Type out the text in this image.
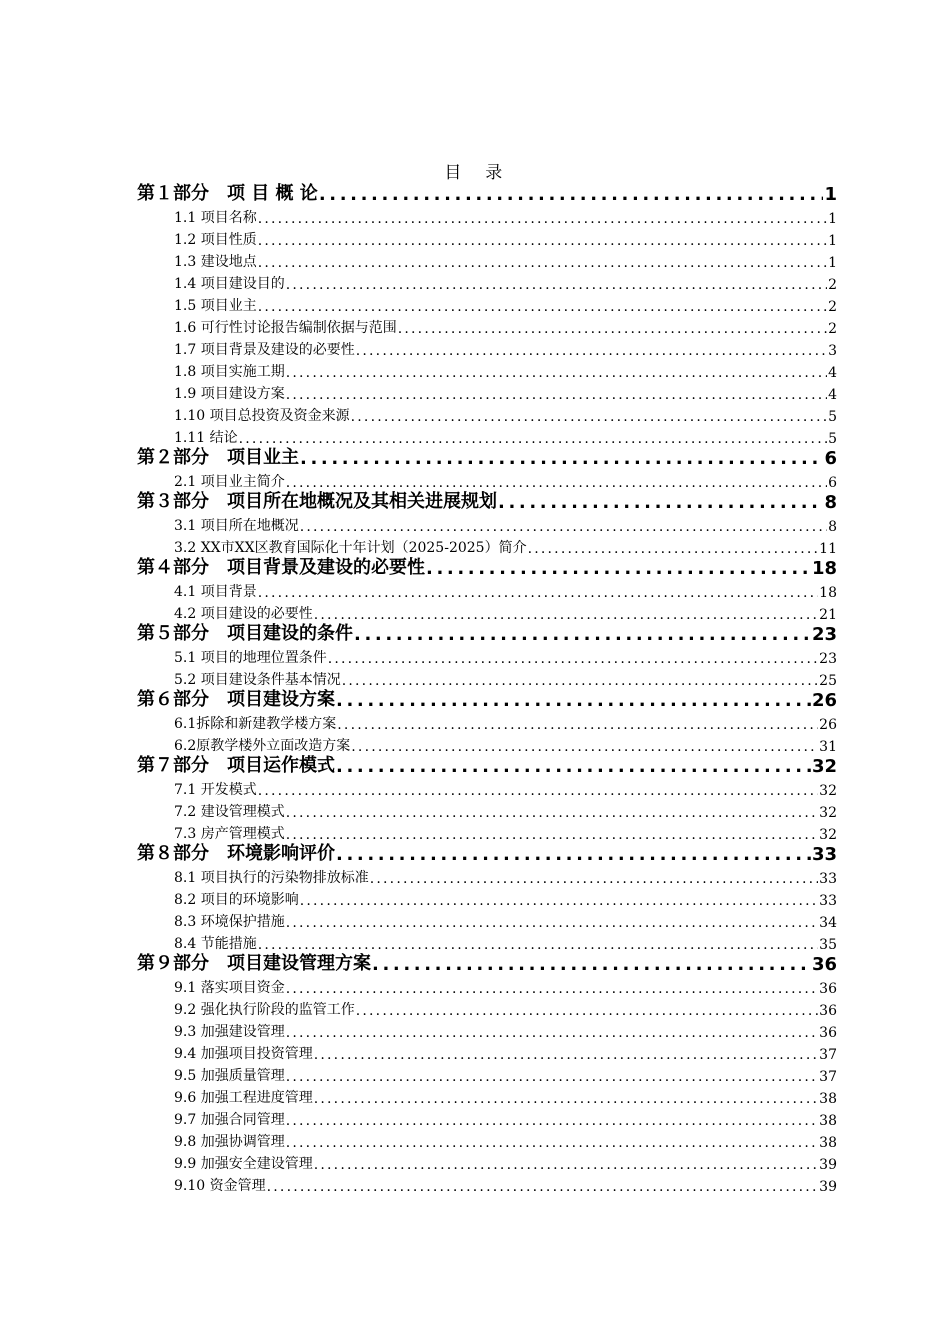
目　录
第１部分　项 目 概 论 .....	1
1.1 项目名称 .....	1
1.2 项目性质 .....	1
1.3 建设地点 .....	1
1.4 项目建设目的 .....	2
1.5 项目业主 .....	2
1.6 可行性讨论报告编制依据与范围 .....	2
1.7 项目背景及建设的必要性 .....	3
1.8 项目实施工期 .....	4
1.9 项目建设方案 .....	4
1.10 项目总投资及资金来源 .....	5
1.11 结论 .....	5
第２部分　项目业主 .....	6
2.1 项目业主简介 .....	6
第３部分　项目所在地概况及其相关进展规划 .....	8
3.1 项目所在地概况 .....	8
3.2 XX市XX区教育国际化十年计划（2025-2025）简介 .....	11
第４部分　项目背景及建设的必要性 .....	18
4.1 项目背景 .....	18
4.2 项目建设的必要性 .....	21
第５部分　项目建设的条件 .....	23
5.1 项目的地理位置条件 .....	23
5.2 项目建设条件基本情况 .....	25
第６部分　项目建设方案 .....	26
6.1拆除和新建教学楼方案 .....	26
6.2原教学楼外立面改造方案 .....	31
第７部分　项目运作模式 .....	32
7.1 开发模式 .....	32
7.2 建设管理模式 .....	32
7.3 房产管理模式 .....	32
第８部分　环境影响评价 .....	33
8.1 项目执行的污染物排放标准 .....	33
8.2 项目的环境影响 .....	33
8.3 环境保护措施 .....	34
8.4 节能措施 .....	35
第９部分　项目建设管理方案 .....	36
9.1 落实项目资金 .....	36
9.2 强化执行阶段的监管工作 .....	36
9.3 加强建设管理 .....	36
9.4 加强项目投资管理 .....	37
9.5 加强质量管理 .....	37
9.6 加强工程进度管理 .....	38
9.7 加强合同管理 .....	38
9.8 加强协调管理 .....	38
9.9 加强安全建设管理 .....	39
9.10 资金管理 .....	39
